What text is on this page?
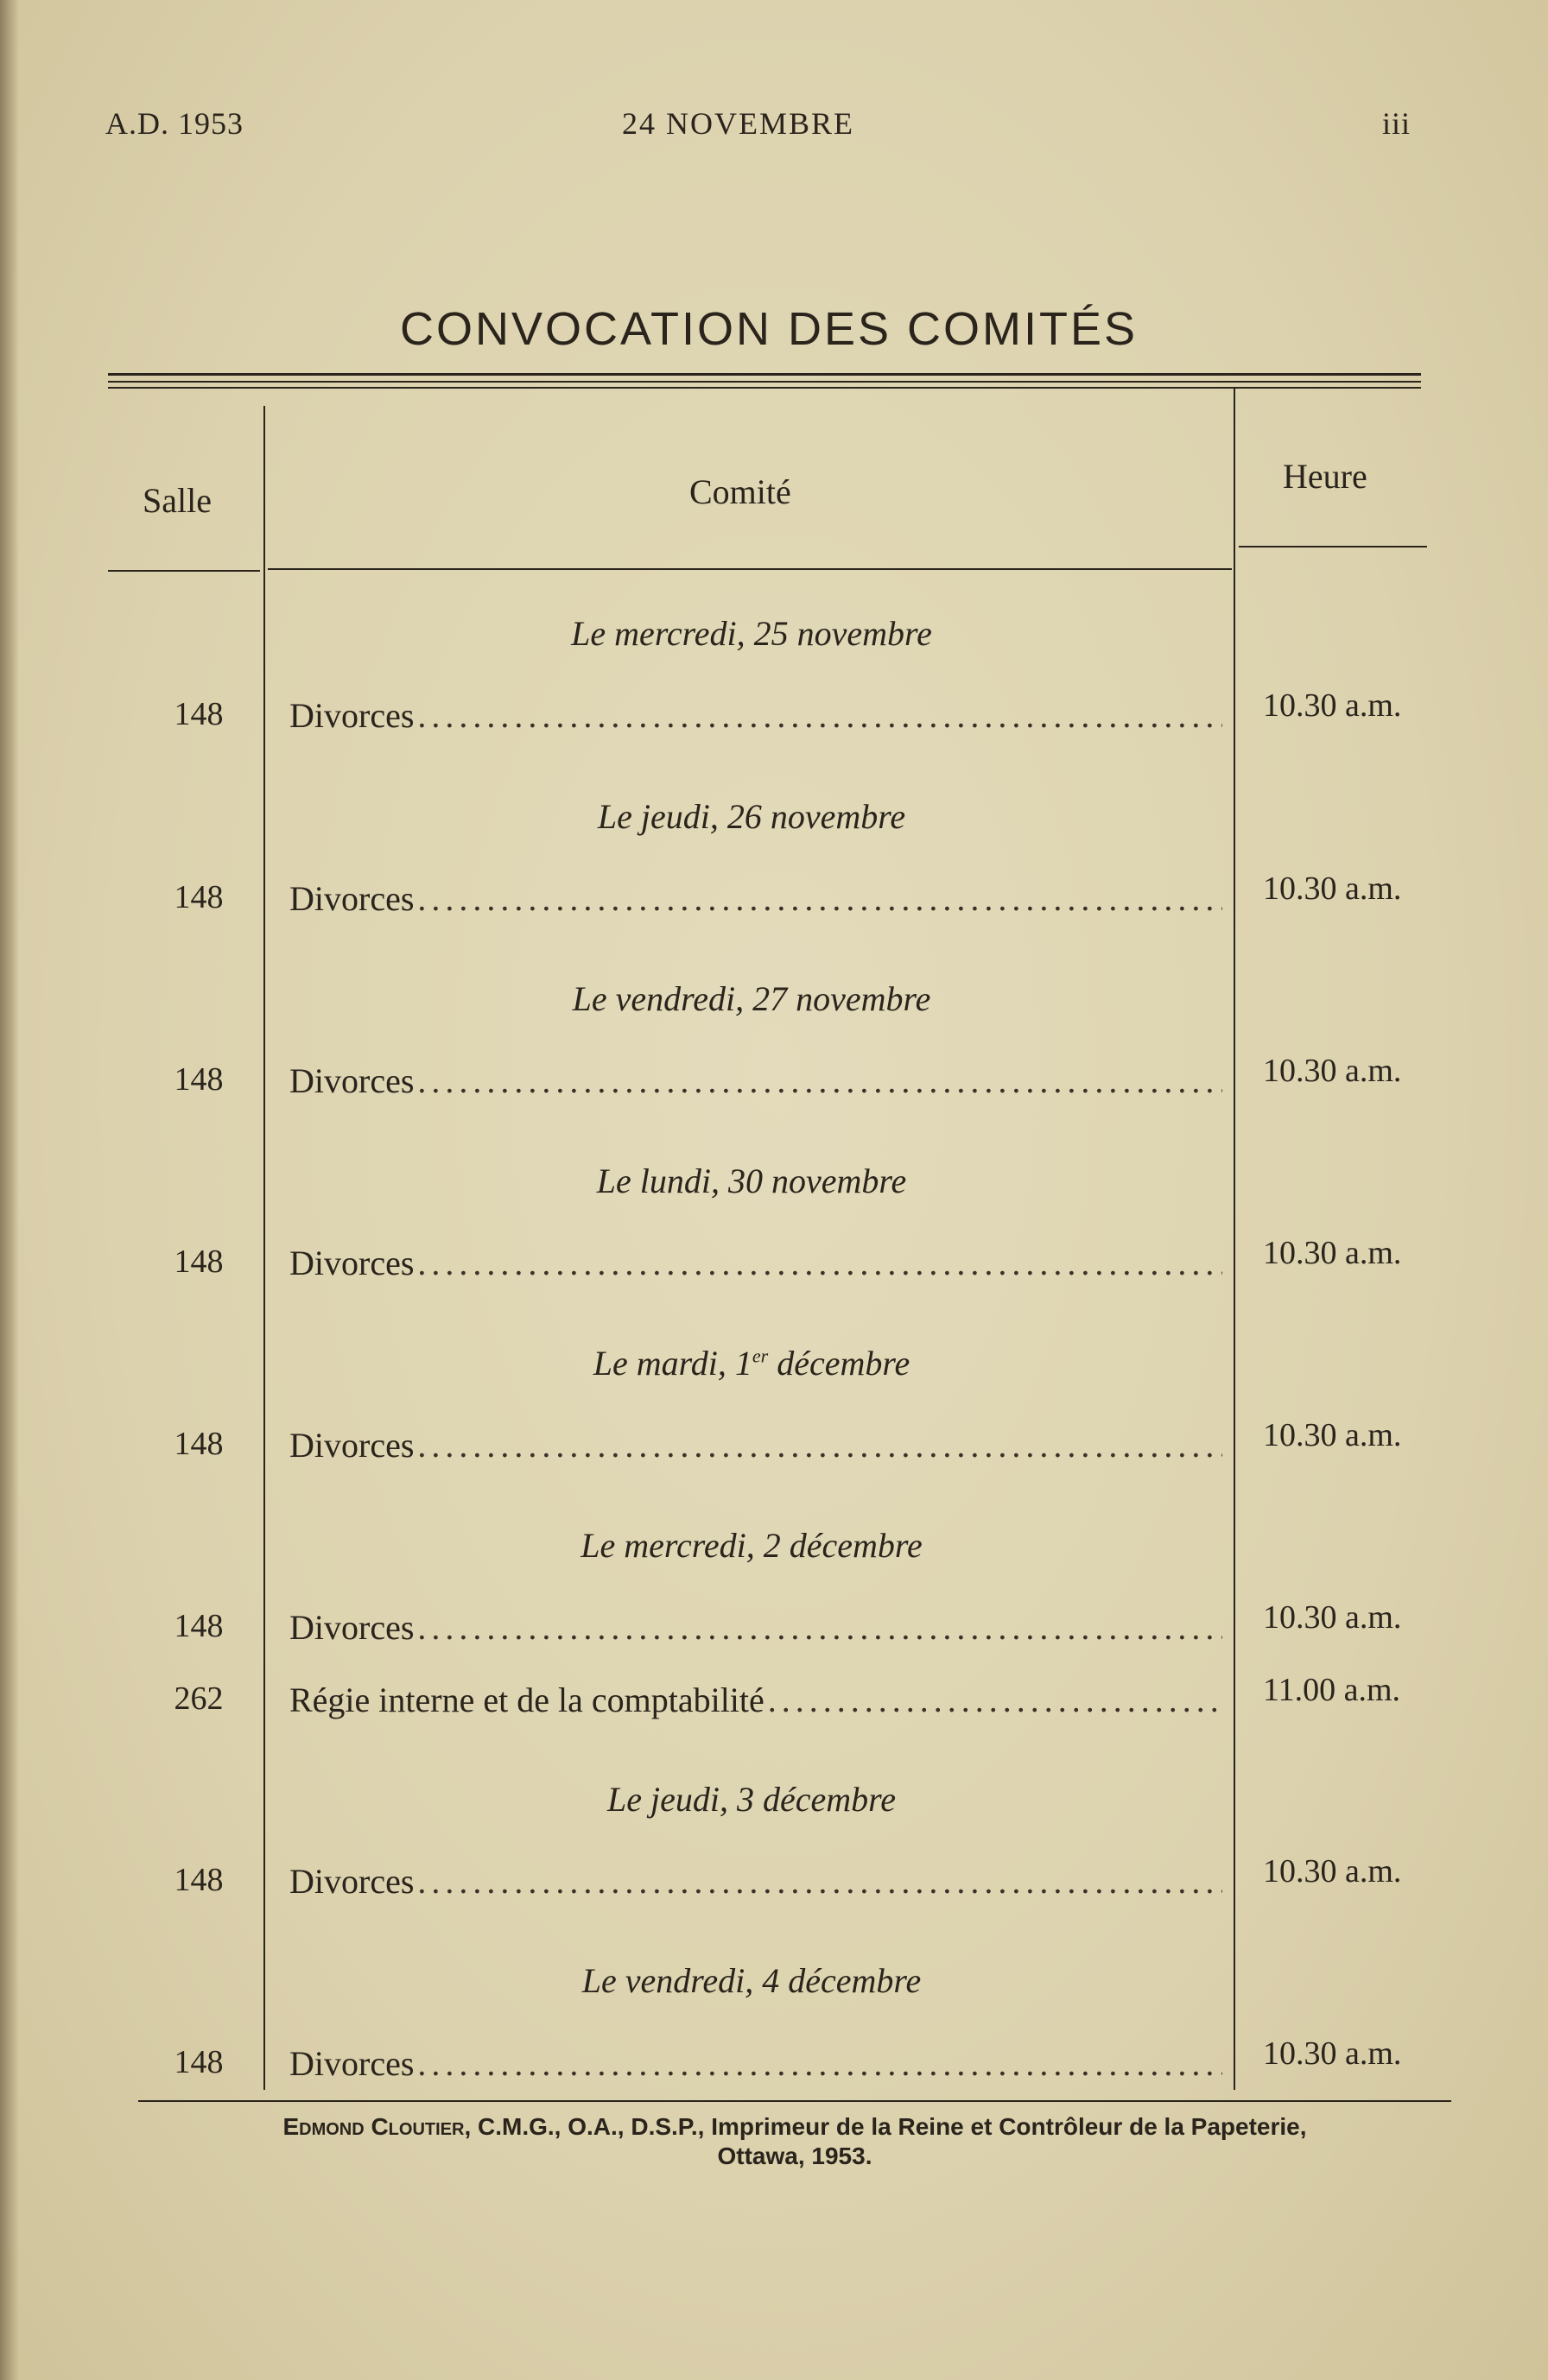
A.D. 1953	24 NOVEMBRE	iii
CONVOCATION DES COMITÉS
Salle	Comité	Heure
Le mercredi, 25 novembre
148	Divorces .....	10.30 a.m.
Le jeudi, 26 novembre
148	Divorces .....	10.30 a.m.
Le vendredi, 27 novembre
148	Divorces .....	10.30 a.m.
Le lundi, 30 novembre
148	Divorces .....	10.30 a.m.
Le mardi, 1er décembre
148	Divorces .....	10.30 a.m.
Le mercredi, 2 décembre
148	Divorces .....	10.30 a.m.
262	Régie interne et de la comptabilité .....	11.00 a.m.
Le jeudi, 3 décembre
148	Divorces .....	10.30 a.m.
Le vendredi, 4 décembre
148	Divorces .....	10.30 a.m.
Edmond Cloutier, C.M.G., O.A., D.S.P., Imprimeur de la Reine et Contrôleur de la Papeterie,
Ottawa, 1953.
